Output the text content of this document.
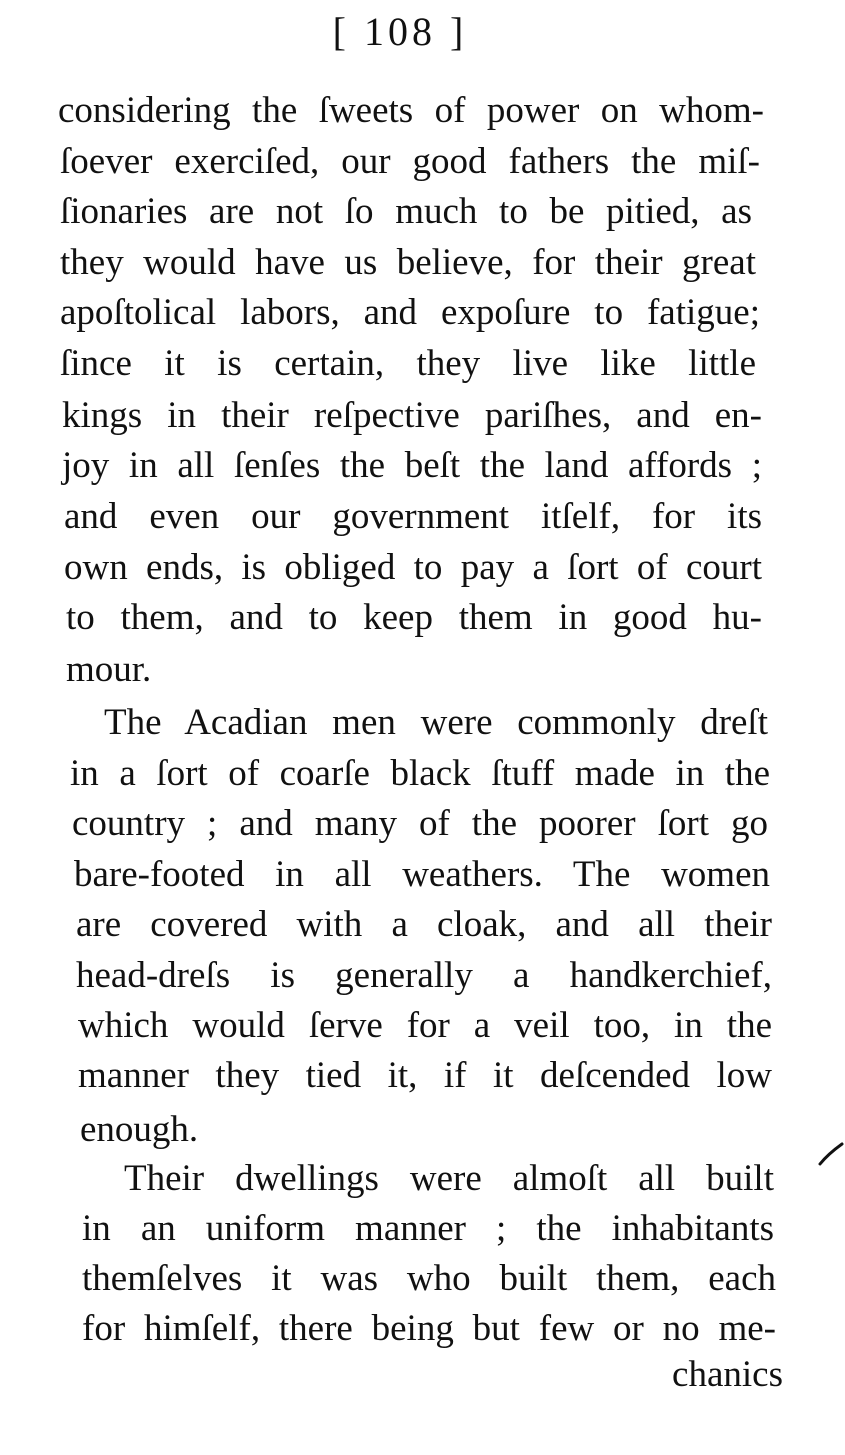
[ 108 ]
considering the ſweets of power on whom-
ſoever exerciſed, our good fathers the miſ-
ſionaries are not ſo much to be pitied, as
they would have us believe, for their great
apoſtolical labors, and expoſure to fatigue;
ſince it is certain, they live like little
kings in their reſpective pariſhes, and en-
joy in all ſenſes the beſt the land affords ;
and even our government itſelf, for its
own ends, is obliged to pay a ſort of court
to them, and to keep them in good hu-
mour.
The Acadian men were commonly dreſt
in a ſort of coarſe black ſtuff made in the
country ; and many of the poorer ſort go
bare-footed in all weathers. The women
are covered with a cloak, and all their
head-dreſs is generally a handkerchief,
which would ſerve for a veil too, in the
manner they tied it, if it deſcended low
enough.
Their dwellings were almoſt all built
in an uniform manner ; the inhabitants
themſelves it was who built them, each
for himſelf, there being but few or no me-
chanics
